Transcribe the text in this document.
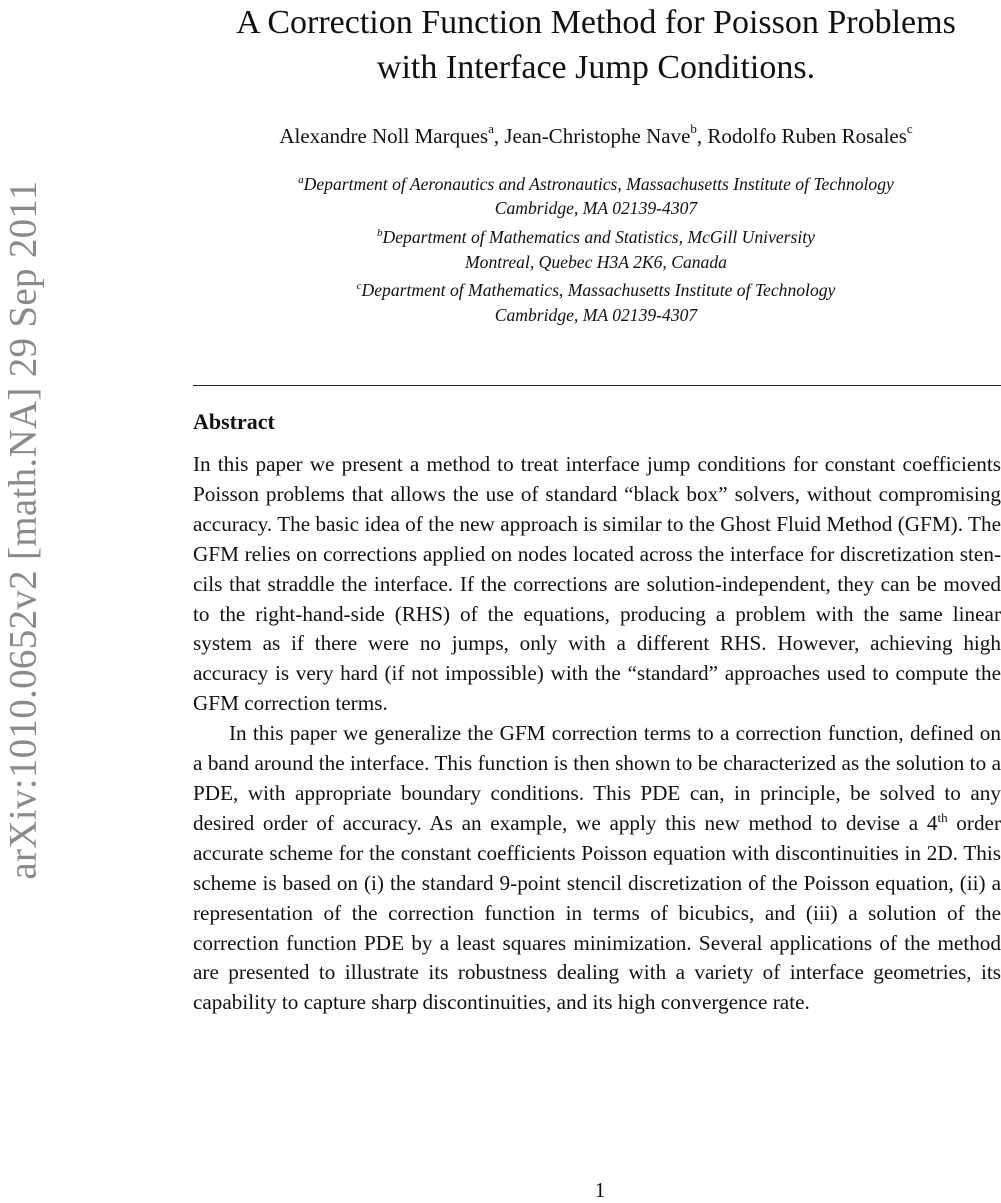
arXiv:1010.0652v2 [math.NA] 29 Sep 2011
A Correction Function Method for Poisson Problems
with Interface Jump Conditions.
Alexandre Noll Marques$^a$, Jean-Christophe Nave$^b$, Rodolfo Ruben Rosales$^c$
$^a$Department of Aeronautics and Astronautics, Massachusetts Institute of Technology
Cambridge, MA 02139-4307
$^b$Department of Mathematics and Statistics, McGill University
Montreal, Quebec H3A 2K6, Canada
$^c$Department of Mathematics, Massachusetts Institute of Technology
Cambridge, MA 02139-4307
Abstract

In this paper we present a method to treat interface jump conditions for constant coefficients Poisson problems that allows the use of standard “black box” solvers, without compromising accuracy. The basic idea of the new approach is similar to the Ghost Fluid Method (GFM). The GFM relies on corrections applied on nodes located across the interface for discretization stencils that straddle the interface. If the corrections are solution-independent, they can be moved to the right-hand-side (RHS) of the equations, producing a problem with the same linear system as if there were no jumps, only with a different RHS. However, achieving high accuracy is very hard (if not impossible) with the “standard” approaches used to compute the GFM correction terms.

In this paper we generalize the GFM correction terms to a correction function, defined on a band around the interface. This function is then shown to be characterized as the solution to a PDE, with appropriate boundary conditions. This PDE can, in principle, be solved to any desired order of accuracy. As an example, we apply this new method to devise a 4th order accurate scheme for the constant coefficients Poisson equation with discontinuities in 2D. This scheme is based on (i) the standard 9-point stencil discretization of the Poisson equation, (ii) a representation of the correction function in terms of bicubics, and (iii) a solution of the correction function PDE by a least squares minimization. Several applications of the method are presented to illustrate its robustness dealing with a variety of interface geometries, its capability to capture sharp discontinuities, and its high convergence rate.

1
